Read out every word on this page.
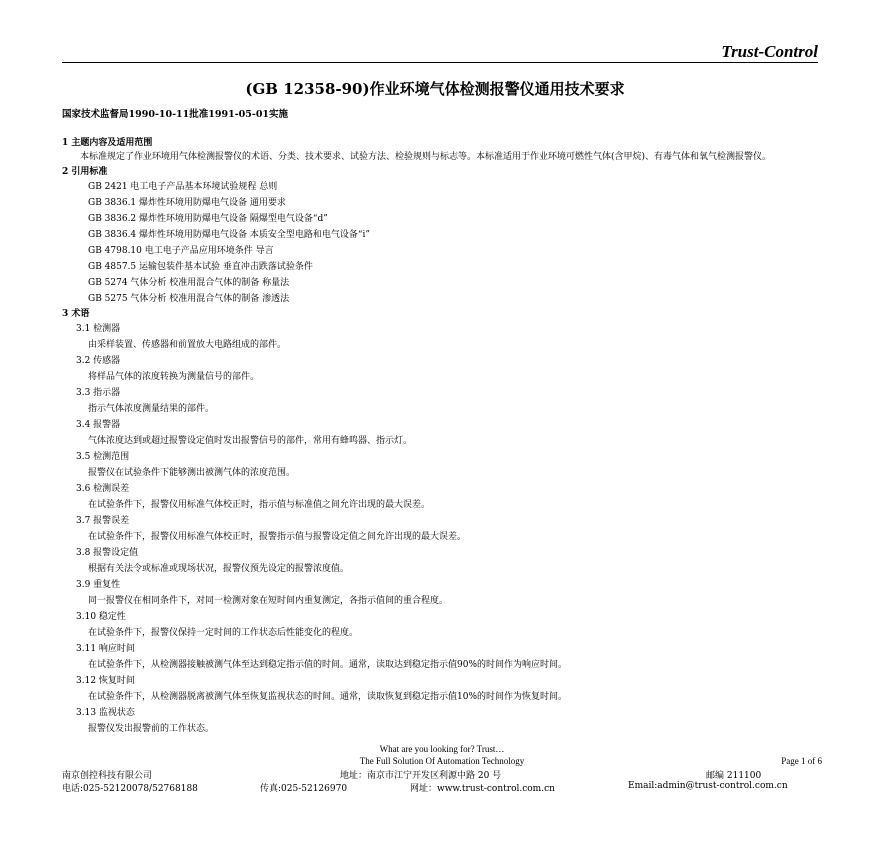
Trust-Control
(GB 12358-90)作业环境气体检测报警仪通用技术要求
国家技术监督局1990-10-11批准1991-05-01实施

1 主题内容及适用范围

本标准规定了作业环境用气体检测报警仪的术语、分类、技术要求、试验方法、检验规则与标志等。本标准适用于作业环境可燃性气体(含甲烷)、有毒气体和氧气检测报警仪。

2 引用标准

GB 2421 电工电子产品基本环境试验规程 总则

GB 3836.1 爆炸性环境用防爆电气设备 通用要求

GB 3836.2 爆炸性环境用防爆电气设备 隔爆型电气设备“d”

GB 3836.4 爆炸性环境用防爆电气设备 本质安全型电路和电气设备“i”

GB 4798.10 电工电子产品应用环境条件 导言

GB 4857.5 运输包装件基本试验 垂直冲击跌落试验条件

GB 5274 气体分析 校准用混合气体的制备 称量法

GB 5275 气体分析 校准用混合气体的制备 渗透法

3 术语

3.1 检测器

由采样装置、传感器和前置放大电路组成的部件。

3.2 传感器

将样品气体的浓度转换为测量信号的部件。

3.3 指示器

指示气体浓度测量结果的部件。

3.4 报警器

气体浓度达到或超过报警设定值时发出报警信号的部件，常用有蜂鸣器、指示灯。

3.5 检测范围

报警仪在试验条件下能够测出被测气体的浓度范围。

3.6 检测误差

在试验条件下，报警仪用标准气体校正时，指示值与标准值之间允许出现的最大误差。

3.7 报警误差

在试验条件下，报警仪用标准气体校正时，报警指示值与报警设定值之间允许出现的最大误差。

3.8 报警设定值

根据有关法令或标准或现场状况，报警仪预先设定的报警浓度值。

3.9 重复性

同一报警仪在相同条件下，对同一检测对象在短时间内重复测定，各指示值间的重合程度。

3.10 稳定性

在试验条件下，报警仪保持一定时间的工作状态后性能变化的程度。

3.11 响应时间

在试验条件下，从检测器接触被测气体至达到稳定指示值的时间。通常，读取达到稳定指示值90%的时间作为响应时间。

3.12 恢复时间

在试验条件下，从检测器脱离被测气体至恢复监视状态的时间。通常，读取恢复到稳定指示值10%的时间作为恢复时间。

3.13 监视状态

报警仪发出报警前的工作状态。

What are you looking for? Trust…
The Full Solution Of Automation Technology	Page 1 of 6
南京创控科技有限公司	地址：南京市江宁开发区利源中路 20 号	邮编 211100
电话:025-52120078/52768188	传真:025-52126970	网址：www.trust-control.com.cn	Email:admin@trust-control.com.cn
